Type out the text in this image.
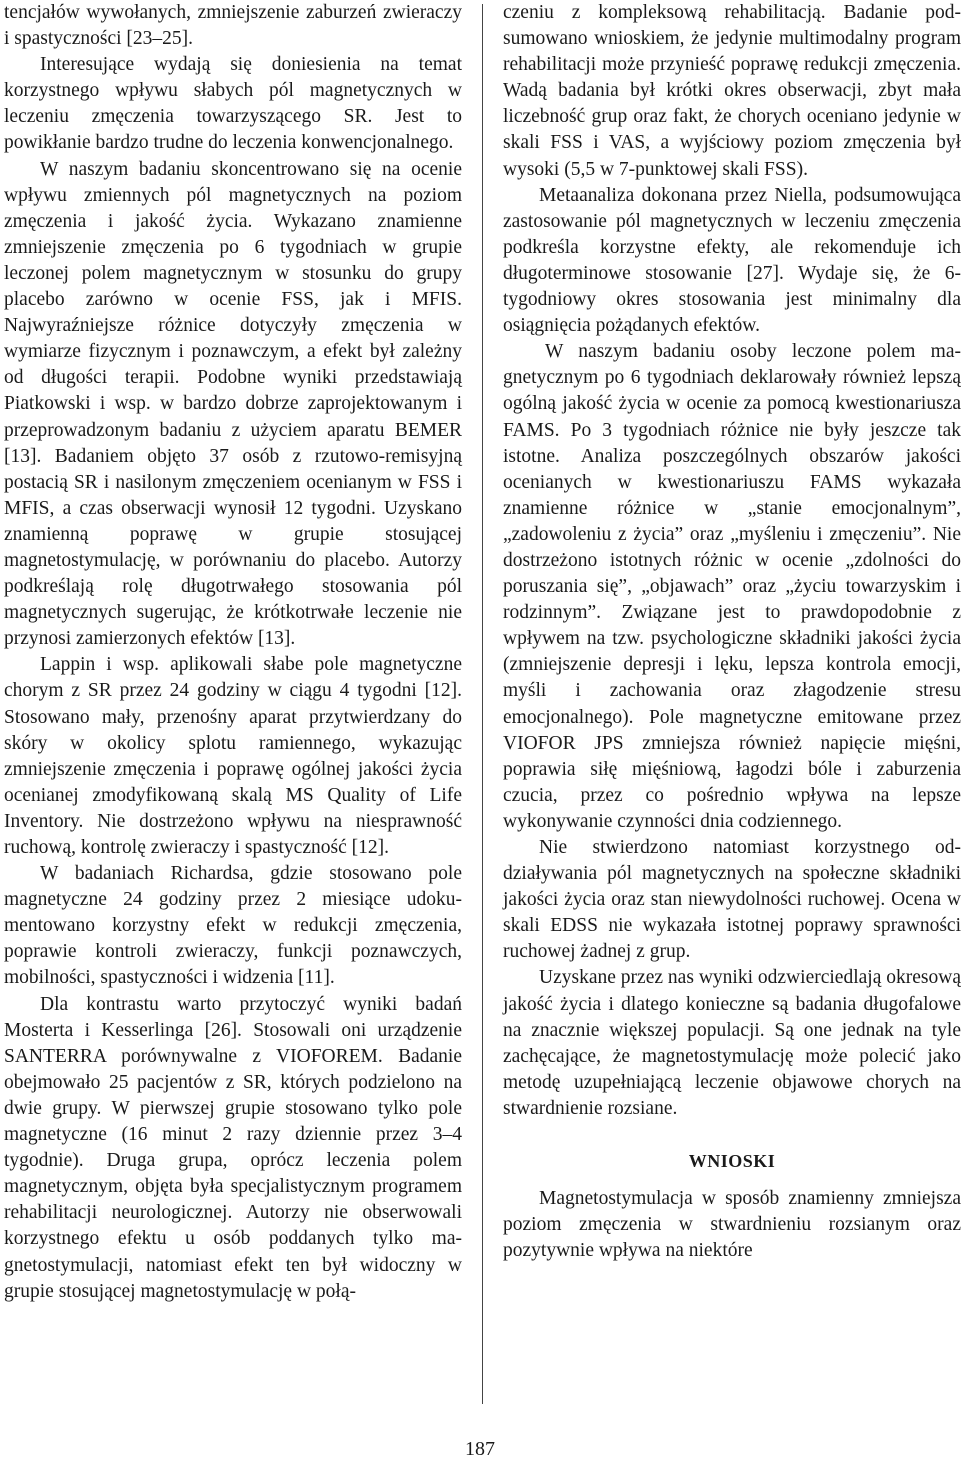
tencjałów wywołanych, zmniejszenie zaburzeń zwieraczy i spastyczności [23–25].

Interesujące wydają się doniesienia na temat korzystnego wpływu słabych pól magnetycznych w leczeniu zmęczenia towarzyszącego SR. Jest to powikłanie bardzo trudne do leczenia konwencjonalnego.

W naszym badaniu skoncentrowano się na ocenie wpływu zmiennych pól magnetycznych na poziom zmęczenia i jakość życia. Wykazano znamienne zmniejszenie zmęczenia po 6 tygodniach w grupie leczonej polem magnetycznym w stosunku do grupy placebo zarówno w ocenie FSS, jak i MFIS. Najwyraźniejsze różnice dotyczyły zmęczenia w wymiarze fizycznym i poznawczym, a efekt był zależny od długości terapii. Podobne wyniki przedstawiają Piatkowski i wsp. w bardzo dobrze zaprojektowanym i przeprowadzonym badaniu z użyciem aparatu BEMER [13]. Badaniem objęto 37 osób z rzutowo-remisyjną postacią SR i nasilonym zmęczeniem ocenianym w FSS i MFIS, a czas obserwacji wynosił 12 tygodni. Uzyskano znamienną poprawę w grupie stosującej magnetostymulację, w porównaniu do placebo. Autorzy podkreślają rolę długotrwałego stosowania pól magnetycznych sugerując, że krótkotrwałe leczenie nie przynosi zamierzonych efektów [13].

Lappin i wsp. aplikowali słabe pole magnetyczne chorym z SR przez 24 godziny w ciągu 4 tygodni [12]. Stosowano mały, przenośny aparat przytwierdzany do skóry w okolicy splotu ramiennego, wykazując zmniejszenie zmęczenia i poprawę ogólnej jakości życia ocenianej zmodyfikowaną skalą MS Quality of Life Inventory. Nie dostrzeżono wpływu na niesprawność ruchową, kontrolę zwieraczy i spastyczność [12].

W badaniach Richardsa, gdzie stosowano pole magnetyczne 24 godziny przez 2 miesiące udokumentowano korzystny efekt w redukcji zmęczenia, poprawie kontroli zwieraczy, funkcji poznawczych, mobilności, spastyczności i widzenia [11].

Dla kontrastu warto przytoczyć wyniki badań Mosterta i Kesserlinga [26]. Stosowali oni urządzenie SANTERRA porównywalne z VIOFOREM. Badanie obejmowało 25 pacjentów z SR, których podzielono na dwie grupy. W pierwszej grupie stosowano tylko pole magnetyczne (16 minut 2 razy dziennie przez 3–4 tygodnie). Druga grupa, oprócz leczenia polem magnetycznym, objęta była specjalistycznym programem rehabilitacji neurologicznej. Autorzy nie obserwowali korzystnego efektu u osób poddanych tylko magnetostymulacji, natomiast efekt ten był widoczny w grupie stosującej magnetostymulację w połą-

czeniu z kompleksową rehabilitacją. Badanie podsumowano wnioskiem, że jedynie multimodalny program rehabilitacji może przynieść poprawę redukcji zmęczenia. Wadą badania był krótki okres obserwacji, zbyt mała liczebność grup oraz fakt, że chorych oceniano jedynie w skali FSS i VAS, a wyjściowy poziom zmęczenia był wysoki (5,5 w 7-punktowej skali FSS).

Metaanaliza dokonana przez Niella, podsumowująca zastosowanie pól magnetycznych w leczeniu zmęczenia podkreśla korzystne efekty, ale rekomenduje ich długoterminowe stosowanie [27]. Wydaje się, że 6-tygodniowy okres stosowania jest minimalny dla osiągnięcia pożądanych efektów.

W naszym badaniu osoby leczone polem magnetycznym po 6 tygodniach deklarowały również lepszą ogólną jakość życia w ocenie za pomocą kwestionariusza FAMS. Po 3 tygodniach różnice nie były jeszcze tak istotne. Analiza poszczególnych obszarów jakości ocenianych w kwestionariuszu FAMS wykazała znamienne różnice w „stanie emocjonalnym”, „zadowoleniu z życia” oraz „myśleniu i zmęczeniu”. Nie dostrzeżono istotnych różnic w ocenie „zdolności do poruszania się”, „objawach” oraz „życiu towarzyskim i rodzinnym”. Związane jest to prawdopodobnie z wpływem na tzw. psychologiczne składniki jakości życia (zmniejszenie depresji i lęku, lepsza kontrola emocji, myśli i zachowania oraz złagodzenie stresu emocjonalnego). Pole magnetyczne emitowane przez VIOFOR JPS zmniejsza również napięcie mięśni, poprawia siłę mięśniową, łagodzi bóle i zaburzenia czucia, przez co pośrednio wpływa na lepsze wykonywanie czynności dnia codziennego.

Nie stwierdzono natomiast korzystnego oddziaływania pól magnetycznych na społeczne składniki jakości życia oraz stan niewydolności ruchowej. Ocena w skali EDSS nie wykazała istotnej poprawy sprawności ruchowej żadnej z grup.

Uzyskane przez nas wyniki odzwierciedlają okresową jakość życia i dlatego konieczne są badania długofalowe na znacznie większej populacji. Są one jednak na tyle zachęcające, że magnetostymulację może polecić jako metodę uzupełniającą leczenie objawowe chorych na stwardnienie rozsiane.

WNIOSKI

Magnetostymulacja w sposób znamienny zmniejsza poziom zmęczenia w stwardnieniu rozsianym oraz pozytywnie wpływa na niektóre

187
